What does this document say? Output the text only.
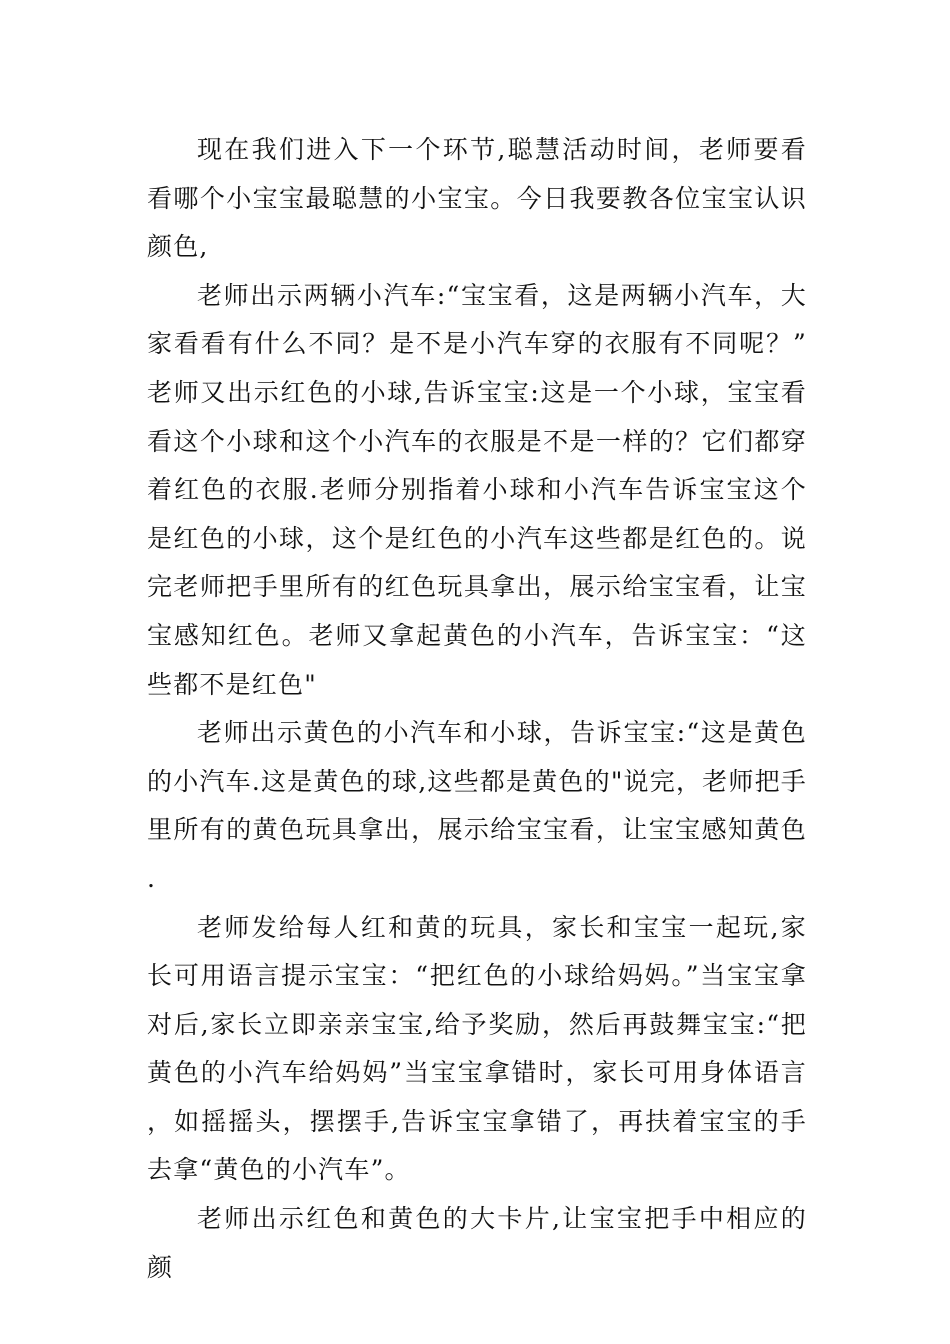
现在我们进入下一个环节,聪慧活动时间，老师要看看哪个小宝宝最聪慧的小宝宝。今日我要教各位宝宝认识颜色,

老师出示两辆小汽车:“宝宝看，这是两辆小汽车，大家看看有什么不同？是不是小汽车穿的衣服有不同呢？”老师又出示红色的小球,告诉宝宝:这是一个小球，宝宝看看这个小球和这个小汽车的衣服是不是一样的？它们都穿着红色的衣服.老师分别指着小球和小汽车告诉宝宝这个是红色的小球，这个是红色的小汽车这些都是红色的。说完老师把手里所有的红色玩具拿出，展示给宝宝看，让宝宝感知红色。老师又拿起黄色的小汽车，告诉宝宝：“这些都不是红色"

老师出示黄色的小汽车和小球，告诉宝宝:“这是黄色的小汽车.这是黄色的球,这些都是黄色的"说完，老师把手里所有的黄色玩具拿出，展示给宝宝看，让宝宝感知黄色.

老师发给每人红和黄的玩具，家长和宝宝一起玩,家长可用语言提示宝宝：“把红色的小球给妈妈。”当宝宝拿对后,家长立即亲亲宝宝,给予奖励，然后再鼓舞宝宝:“把黄色的小汽车给妈妈”当宝宝拿错时，家长可用身体语言，如摇摇头，摆摆手,告诉宝宝拿错了，再扶着宝宝的手去拿“黄色的小汽车”。

老师出示红色和黄色的大卡片,让宝宝把手中相应的颜
